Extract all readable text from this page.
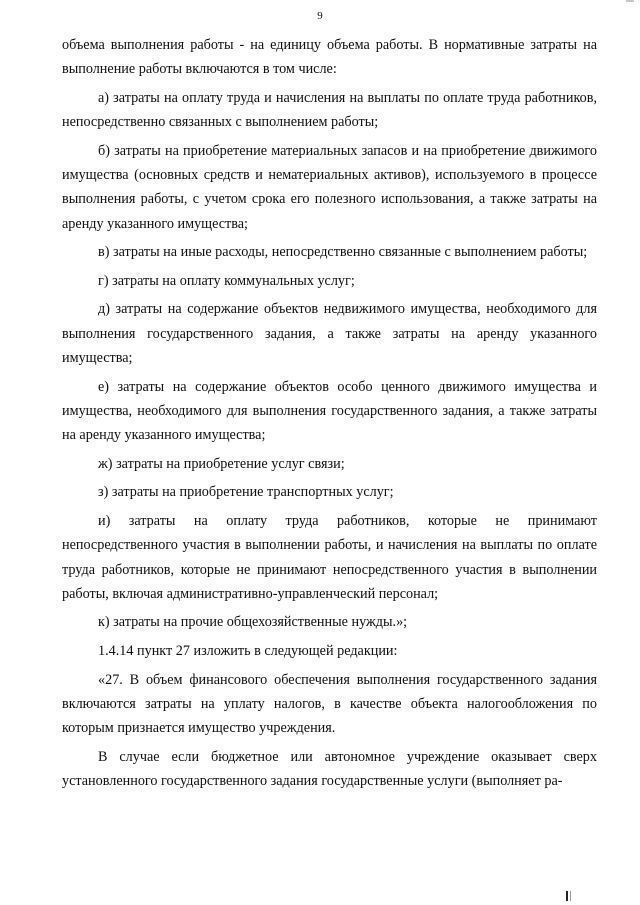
9

объема выполнения работы - на единицу объема работы. В нормативные затраты на выполнение работы включаются в том числе:

а) затраты на оплату труда и начисления на выплаты по оплате труда работников, непосредственно связанных с выполнением работы;

б) затраты на приобретение материальных запасов и на приобретение движимого имущества (основных средств и нематериальных активов), используемого в процессе выполнения работы, с учетом срока его полезного использования, а также затраты на аренду указанного имущества;

в) затраты на иные расходы, непосредственно связанные с выполнением работы;

г) затраты на оплату коммунальных услуг;

д) затраты на содержание объектов недвижимого имущества, необходимого для выполнения государственного задания, а также затраты на аренду указанного имущества;

е) затраты на содержание объектов особо ценного движимого имущества и имущества, необходимого для выполнения государственного задания, а также затраты на аренду указанного имущества;

ж) затраты на приобретение услуг связи;

з) затраты на приобретение транспортных услуг;

и) затраты на оплату труда работников, которые не принимают непосредственного участия в выполнении работы, и начисления на выплаты по оплате труда работников, которые не принимают непосредственного участия в выполнении работы, включая административно-управленческий персонал;

к) затраты на прочие общехозяйственные нужды.»;

1.4.14 пункт 27 изложить в следующей редакции:

«27. В объем финансового обеспечения выполнения государственного задания включаются затраты на уплату налогов, в качестве объекта налогообложения по которым признается имущество учреждения.

В случае если бюджетное или автономное учреждение оказывает сверх установленного государственного задания государственные услуги (выполняет ра-
